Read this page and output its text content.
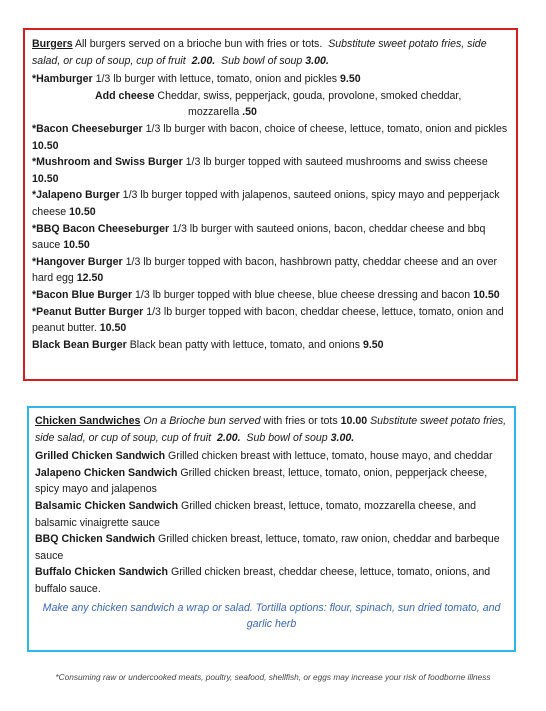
Burgers All burgers served on a brioche bun with fries or tots. Substitute sweet potato fries, side salad, or cup of soup, cup of fruit 2.00. Sub bowl of soup 3.00.

*Hamburger 1/3 lb burger with lettuce, tomato, onion and pickles 9.50

Add cheese Cheddar, swiss, pepperjack, gouda, provolone, smoked cheddar,

mozzarella .50

*Bacon Cheeseburger 1/3 lb burger with bacon, choice of cheese, lettuce, tomato, onion and pickles 10.50

*Mushroom and Swiss Burger 1/3 lb burger topped with sauteed mushrooms and swiss cheese 10.50

*Jalapeno Burger 1/3 lb burger topped with jalapenos, sauteed onions, spicy mayo and pepperjack cheese 10.50

*BBQ Bacon Cheeseburger 1/3 lb burger with sauteed onions, bacon, cheddar cheese and bbq sauce 10.50

*Hangover Burger 1/3 lb burger topped with bacon, hashbrown patty, cheddar cheese and an over hard egg 12.50

*Bacon Blue Burger 1/3 lb burger topped with blue cheese, blue cheese dressing and bacon 10.50

*Peanut Butter Burger 1/3 lb burger topped with bacon, cheddar cheese, lettuce, tomato, onion and peanut butter. 10.50

Black Bean Burger Black bean patty with lettuce, tomato, and onions 9.50

Chicken Sandwiches On a Brioche bun served with fries or tots 10.00 Substitute sweet potato fries, side salad, or cup of soup, cup of fruit 2.00. Sub bowl of soup 3.00.

Grilled Chicken Sandwich Grilled chicken breast with lettuce, tomato, house mayo, and cheddar

Jalapeno Chicken Sandwich Grilled chicken breast, lettuce, tomato, onion, pepperjack cheese, spicy mayo and jalapenos

Balsamic Chicken Sandwich Grilled chicken breast, lettuce, tomato, mozzarella cheese, and balsamic vinaigrette sauce

BBQ Chicken Sandwich Grilled chicken breast, lettuce, tomato, raw onion, cheddar and barbeque sauce

Buffalo Chicken Sandwich Grilled chicken breast, cheddar cheese, lettuce, tomato, onions, and buffalo sauce.

Make any chicken sandwich a wrap or salad. Tortilla options: flour, spinach, sun dried tomato, and garlic herb

*Consuming raw or undercooked meats, poultry, seafood, shellfish, or eggs may increase your risk of foodborne illness
